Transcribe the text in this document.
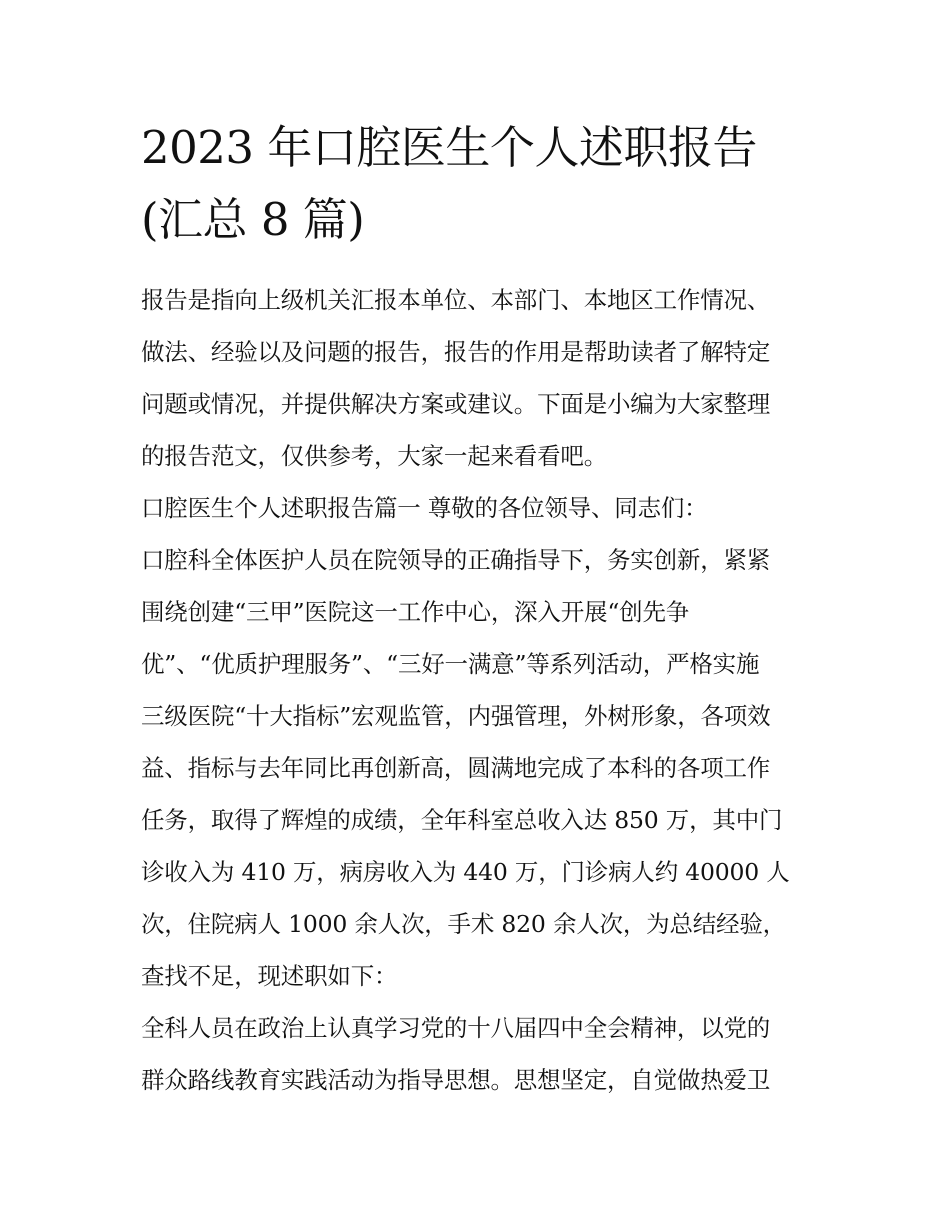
2023 年口腔医生个人述职报告
(汇总 8 篇)
报告是指向上级机关汇报本单位、本部门、本地区工作情况、
做法、经验以及问题的报告，报告的作用是帮助读者了解特定
问题或情况，并提供解决方案或建议。下面是小编为大家整理
的报告范文，仅供参考，大家一起来看看吧。
口腔医生个人述职报告篇一 尊敬的各位领导、同志们：
口腔科全体医护人员在院领导的正确指导下，务实创新，紧紧
围绕创建“三甲”医院这一工作中心，深入开展“创先争
优”、“优质护理服务”、“三好一满意”等系列活动，严格实施
三级医院“十大指标”宏观监管，内强管理，外树形象，各项效
益、指标与去年同比再创新高，圆满地完成了本科的各项工作
任务，取得了辉煌的成绩，全年科室总收入达 850 万，其中门
诊收入为 410 万，病房收入为 440 万，门诊病人约 40000 人
次，住院病人 1000 余人次，手术 820 余人次，为总结经验，
查找不足，现述职如下：
全科人员在政治上认真学习党的十八届四中全会精神，以党的
群众路线教育实践活动为指导思想。思想坚定，自觉做热爱卫
